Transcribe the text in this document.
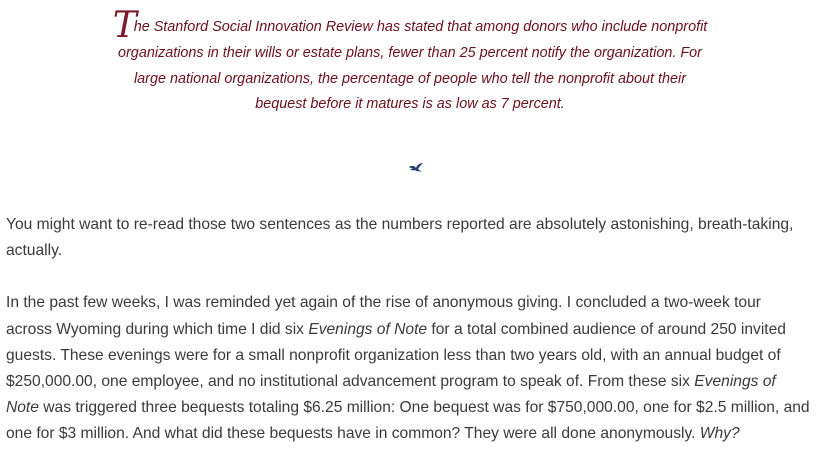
The Stanford Social Innovation Review has stated that among donors who include nonprofit organizations in their wills or estate plans, fewer than 25 percent notify the organization. For large national organizations, the percentage of people who tell the nonprofit about their bequest before it matures is as low as 7 percent.

You might want to re-read those two sentences as the numbers reported are absolutely astonishing, breath-taking, actually.

In the past few weeks, I was reminded yet again of the rise of anonymous giving. I concluded a two-week tour across Wyoming during which time I did six Evenings of Note for a total combined audience of around 250 invited guests. These evenings were for a small nonprofit organization less than two years old, with an annual budget of $250,000.00, one employee, and no institutional advancement program to speak of. From these six Evenings of Note was triggered three bequests totaling $6.25 million: One bequest was for $750,000.00, one for $2.5 million, and one for $3 million. And what did these bequests have in common? They were all done anonymously. Why?
